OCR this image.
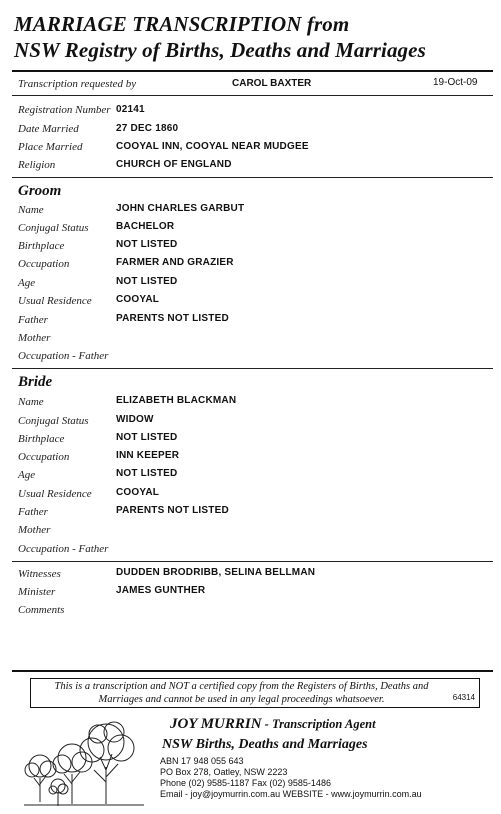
MARRIAGE TRANSCRIPTION from
NSW Registry of Births, Deaths and Marriages
Transcription requested by	CAROL BAXTER	19-Oct-09
Registration Number 02141
Date Married	27 DEC 1860
Place Married	COOYAL INN, COOYAL NEAR MUDGEE
Religion	CHURCH OF ENGLAND
Groom
Name	JOHN CHARLES GARBUT
Conjugal Status	BACHELOR
Birthplace	NOT LISTED
Occupation	FARMER AND GRAZIER
Age	NOT LISTED
Usual Residence COOYAL
Father	PARENTS NOT LISTED
Mother
Occupation - Father
Bride
Name	ELIZABETH BLACKMAN
Conjugal Status	WIDOW
Birthplace	NOT LISTED
Occupation	INN KEEPER
Age	NOT LISTED
Usual Residence COOYAL
Father	PARENTS NOT LISTED
Mother
Occupation - Father
Witnesses	DUDDEN BRODRIBB, SELINA BELLMAN
Minister	JAMES GUNTHER
Comments
This is a transcription and NOT a certified copy from the Registers of Births, Deaths and Marriages and cannot be used in any legal proceedings whatsoever.	64314
JOY MURRIN - Transcription Agent
NSW Births, Deaths and Marriages
ABN 17 948 055 643
PO Box 278, Oatley, NSW 2223
Phone (02) 9585-1187 Fax (02) 9585-1486
Email - joy@joymurrin.com.au WEBSITE - www.joymurrin.com.au
